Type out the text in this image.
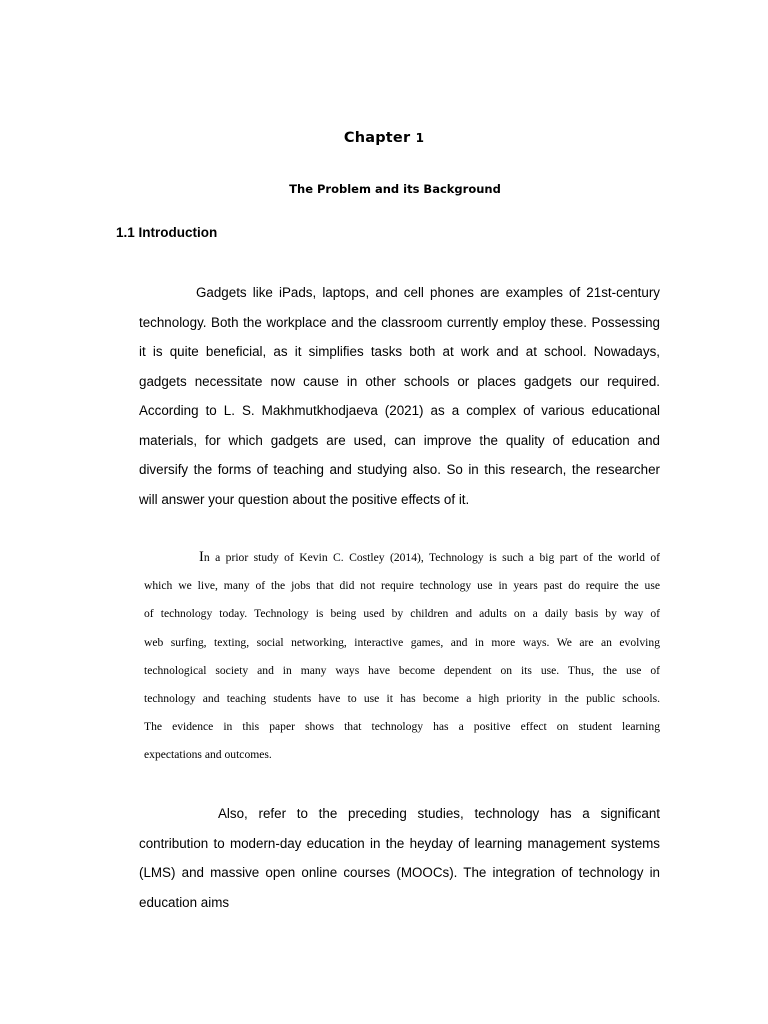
Chapter 1
The Problem and its Background
1.1 Introduction
Gadgets like iPads, laptops, and cell phones are examples of 21st-century
technology. Both the workplace and the classroom currently employ these. Possessing
it is quite beneficial, as it simplifies tasks both at work and at school. Nowadays,
gadgets necessitate now cause in other schools or places gadgets our required.
According to L. S. Makhmutkhodjaeva (2021) as a complex of various educational
materials, for which gadgets are used, can improve the quality of education and
diversify the forms of teaching and studying also. So in this research, the researcher
will answer your question about the positive effects of it.
In a prior study of Kevin C. Costley (2014), Technology is such a big part of the world of
which we live, many of the jobs that did not require technology use in years past do require the use
of technology today. Technology is being used by children and adults on a daily basis by way of
web surfing, texting, social networking, interactive games, and in more ways. We are an evolving
technological society and in many ways have become dependent on its use. Thus, the use of
technology and teaching students have to use it has become a high priority in the public schools.
The evidence in this paper shows that technology has a positive effect on student learning
expectations and outcomes.
Also, refer to the preceding studies, technology has a significant
contribution to modern-day education in the heyday of learning management systems
(LMS) and massive open online courses (MOOCs). The integration of technology in
education aims
